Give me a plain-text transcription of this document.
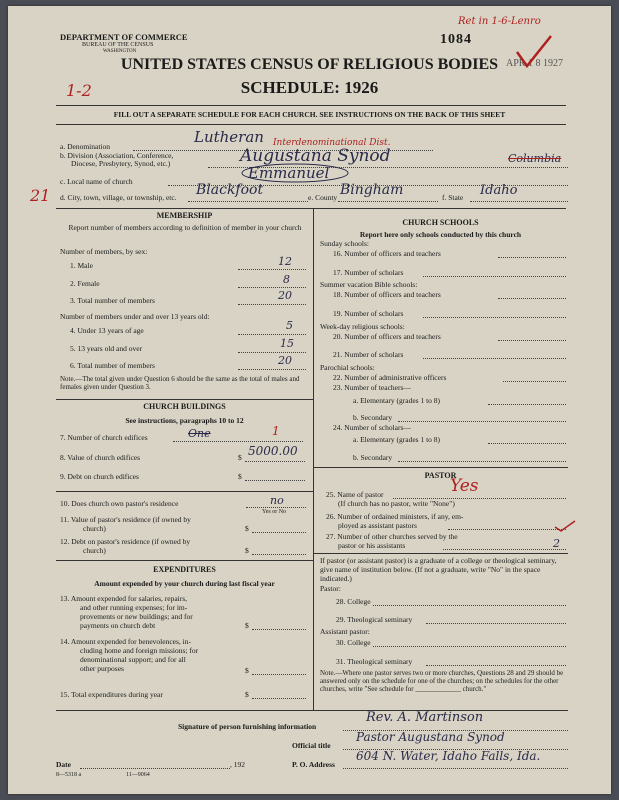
DEPARTMENT OF COMMERCE
BUREAU OF THE CENSUS
WASHINGTON
Ret in 1-6-Lenro
1084
APR 1 8 1927
UNITED STATES CENSUS OF RELIGIOUS BODIES
SCHEDULE: 1926
1-2
FILL OUT A SEPARATE SCHEDULE FOR EACH CHURCH. SEE INSTRUCTIONS ON THE BACK OF THIS SHEET
a. Denomination
Lutheran
b. Division (Association, Conference,
Diocese, Presbytery, Synod, etc.)
Interdenominational Dist.
Augustana Synod	Columbia
c. Local name of church	Emmanuel
21 d. City, town, village, or township, etc. Blackfoot	e. County Bingham	f. State Idaho
MEMBERSHIP
Report number of members according to definition of member in your church
Number of members, by sex:
1. Male	12
2. Female	8
3. Total number of members	20
Number of members under and over 13 years old:
4. Under 13 years of age	5
5. 13 years old and over	15
6. Total number of members	20
Note.—The total given under Question 6 should be the same as the total of males and females given under Question 3.
CHURCH BUILDINGS
See instructions, paragraphs 10 to 12
7. Number of church edifices	One	1
8. Value of church edifices	$ 5000.00
9. Debt on church edifices	$
10. Does church own pastor's residence	no
Yes or No
11. Value of pastor's residence (if owned by
church)	$
12. Debt on pastor's residence (if owned by
church)	$
EXPENDITURES
Amount expended by your church during last fiscal year
13. Amount expended for salaries, repairs,
and other running expenses; for im-
provements or new buildings; and for
payments on church debt	$
14. Amount expended for benevolences, in-
cluding home and foreign missions; for
denominational support; and for all
other purposes	$
15. Total expenditures during year	$
CHURCH SCHOOLS
Report here only schools conducted by this church
Sunday schools:
16. Number of officers and teachers
17. Number of scholars
Summer vacation Bible schools:
18. Number of officers and teachers
19. Number of scholars
Week-day religious schools:
20. Number of officers and teachers
21. Number of scholars
Parochial schools:
22. Number of administrative officers
23. Number of teachers—
a. Elementary (grades 1 to 8)
b. Secondary
24. Number of scholars—
a. Elementary (grades 1 to 8)
b. Secondary
PASTOR
25. Name of pastor	Yes
(If church has no pastor, write "None")
26. Number of ordained ministers, if any, em-
ployed as assistant pastors
27. Number of other churches served by the
pastor or his assistants	2
If pastor (or assistant pastor) is a graduate of a college or theological seminary, give name of institution below. (If not a graduate, write "No" in the space indicated.)
Pastor:
28. College
29. Theological seminary
Assistant pastor:
30. College
31. Theological seminary
Note.—Where one pastor serves two or more churches, Questions 28 and 29 should be answered only on the schedule for one of the churches; on the schedules for the other churches, write "See schedule for _____________ church."
Signature of person furnishing information
Rev. A. Martinson
Official title
Pastor Augustana Synod
Date	, 192	P. O. Address
604 N. Water, Idaho Falls, Ida.
8—5318 a	11—9064
